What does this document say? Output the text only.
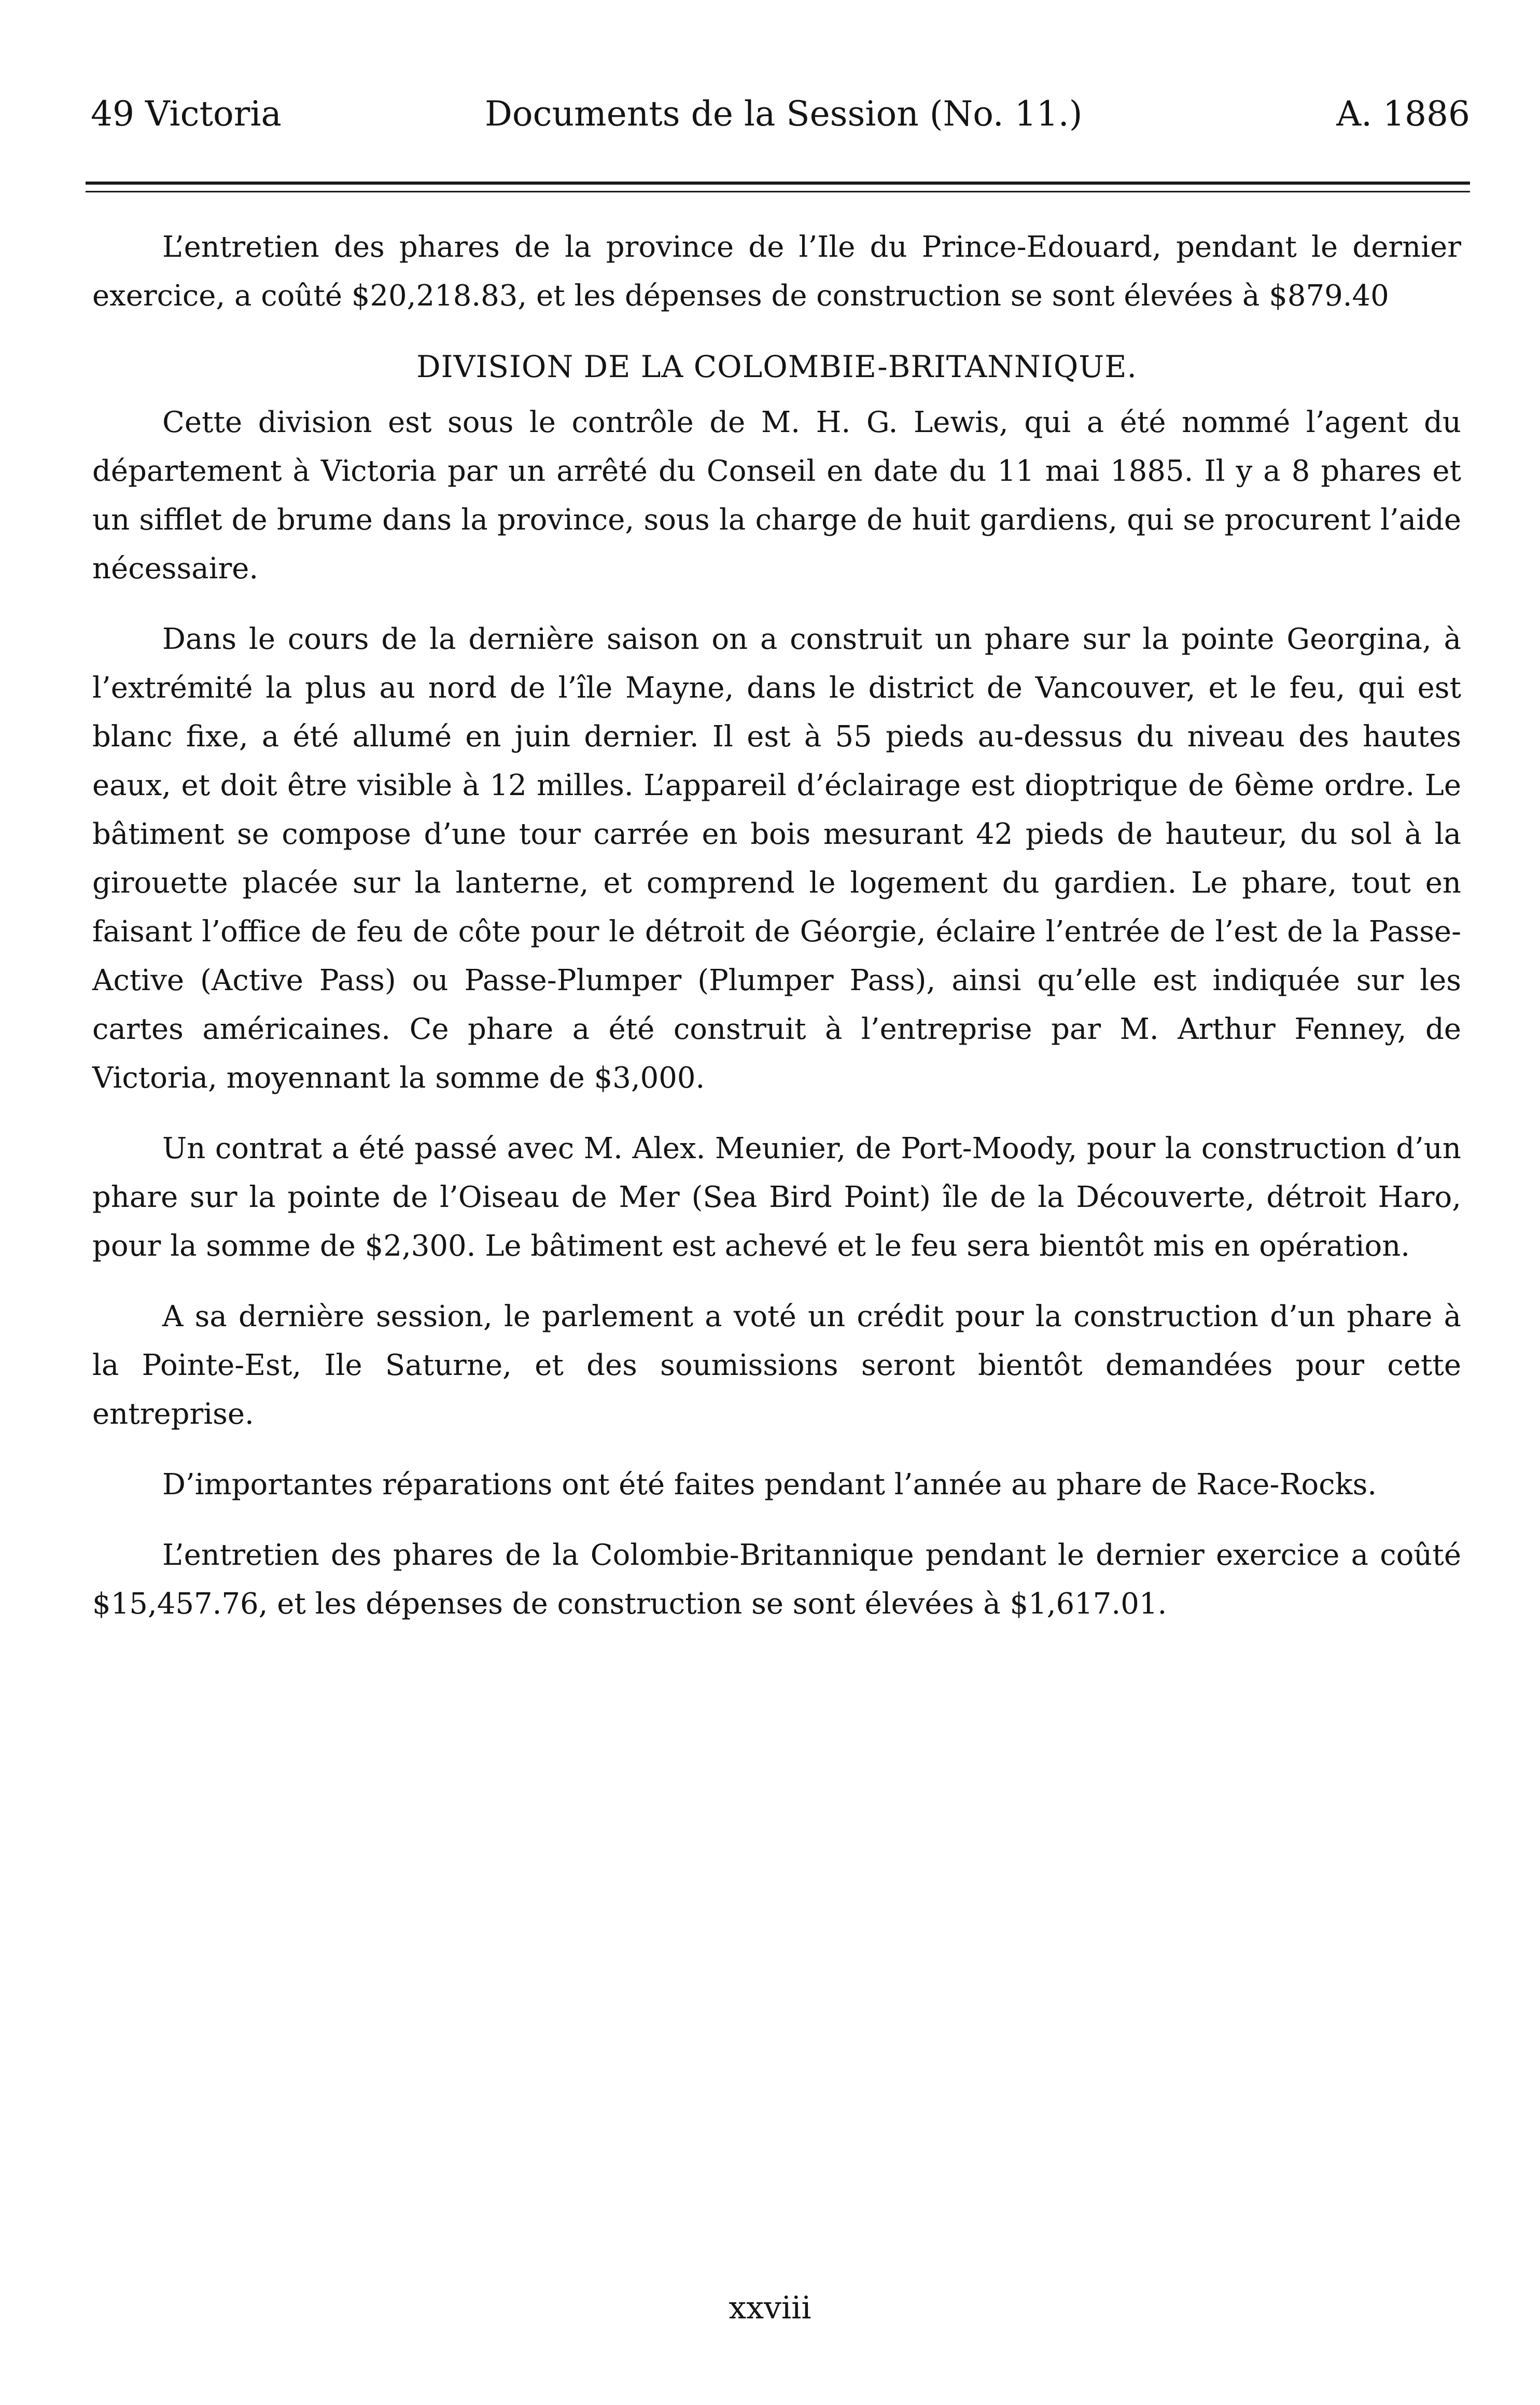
49 Victoria	Documents de la Session (No. 11.)	A. 1886

L’entretien des phares de la province de l’Ile du Prince-Edouard, pendant le dernier exercice, a coûté $20,218.83, et les dépenses de construction se sont élevées à $879.40

DIVISION DE LA COLOMBIE-BRITANNIQUE.

Cette division est sous le contrôle de M. H. G. Lewis, qui a été nommé l’agent du département à Victoria par un arrêté du Conseil en date du 11 mai 1885. Il y a 8 phares et un sifflet de brume dans la province, sous la charge de huit gardiens, qui se procurent l’aide nécessaire.

Dans le cours de la dernière saison on a construit un phare sur la pointe Georgina, à l’extrémité la plus au nord de l’île Mayne, dans le district de Vancouver, et le feu, qui est blanc fixe, a été allumé en juin dernier. Il est à 55 pieds au-dessus du niveau des hautes eaux, et doit être visible à 12 milles. L’appareil d’éclairage est dioptrique de 6ème ordre. Le bâtiment se compose d’une tour carrée en bois mesurant 42 pieds de hauteur, du sol à la girouette placée sur la lanterne, et comprend le logement du gardien. Le phare, tout en faisant l’office de feu de côte pour le détroit de Géorgie, éclaire l’entrée de l’est de la Passe-Active (Active Pass) ou Passe-Plumper (Plumper Pass), ainsi qu’elle est indiquée sur les cartes américaines. Ce phare a été construit à l’entreprise par M. Arthur Fenney, de Victoria, moyennant la somme de $3,000.

Un contrat a été passé avec M. Alex. Meunier, de Port-Moody, pour la construction d’un phare sur la pointe de l’Oiseau de Mer (Sea Bird Point) île de la Découverte, détroit Haro, pour la somme de $2,300. Le bâtiment est achevé et le feu sera bientôt mis en opération.

A sa dernière session, le parlement a voté un crédit pour la construction d’un phare à la Pointe-Est, Ile Saturne, et des soumissions seront bientôt demandées pour cette entreprise.

D’importantes réparations ont été faites pendant l’année au phare de Race-Rocks.

L’entretien des phares de la Colombie-Britannique pendant le dernier exercice a coûté $15,457.76, et les dépenses de construction se sont élevées à $1,617.01.

xxviii
